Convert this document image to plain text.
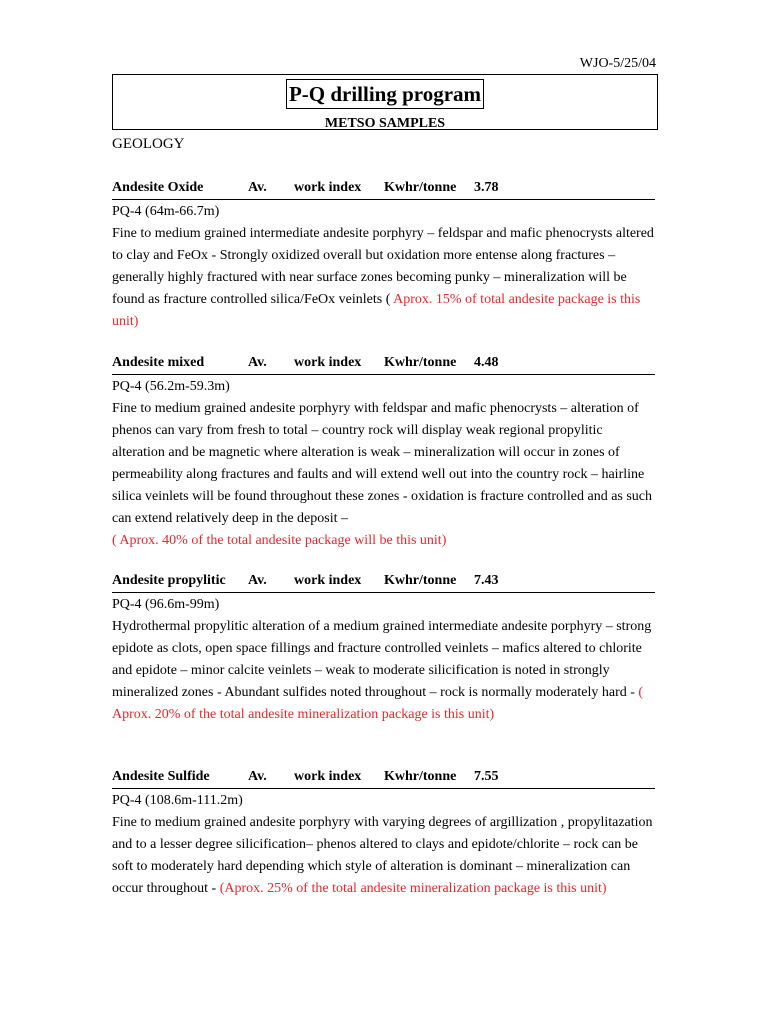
WJO-5/25/04
P-Q drilling program
METSO SAMPLES
GEOLOGY
Andesite Oxide	Av. work index Kwhr/tonne 3.78
PQ-4 (64m-66.7m)
Fine to medium grained intermediate andesite porphyry – feldspar and mafic phenocrysts altered to clay and FeOx - Strongly oxidized overall but oxidation more entense along fractures – generally highly fractured with near surface zones becoming punky – mineralization will be found as fracture controlled silica/FeOx veinlets ( Aprox. 15% of total andesite package is this unit)
Andesite mixed	Av. work index Kwhr/tonne 4.48
PQ-4 (56.2m-59.3m)
Fine to medium grained andesite porphyry with feldspar and mafic phenocrysts – alteration of phenos can vary from fresh to total – country rock will display weak regional propylitic alteration and be magnetic where alteration is weak – mineralization will occur in zones of permeability along fractures and faults and will extend well out into the country rock – hairline silica veinlets will be found throughout these zones - oxidation is fracture controlled and as such can extend relatively deep in the deposit –
( Aprox. 40% of the total andesite package will be this unit)
Andesite propylitic Av. work index Kwhr/tonne 7.43
PQ-4 (96.6m-99m)
Hydrothermal propylitic alteration of a medium grained intermediate andesite porphyry – strong epidote as clots, open space fillings and fracture controlled veinlets – mafics altered to chlorite and epidote – minor calcite veinlets – weak to moderate silicification is noted in strongly mineralized zones - Abundant sulfides noted throughout – rock is normally moderately hard - ( Aprox. 20% of the total andesite mineralization package is this unit)
Andesite Sulfide	Av. work index Kwhr/tonne 7.55
PQ-4 (108.6m-111.2m)
Fine to medium grained andesite porphyry with varying degrees of argillization , propylitazation and to a lesser degree silicification– phenos altered to clays and epidote/chlorite – rock can be soft to moderately hard depending which style of alteration is dominant – mineralization can occur throughout - (Aprox. 25% of the total andesite mineralization package is this unit)
